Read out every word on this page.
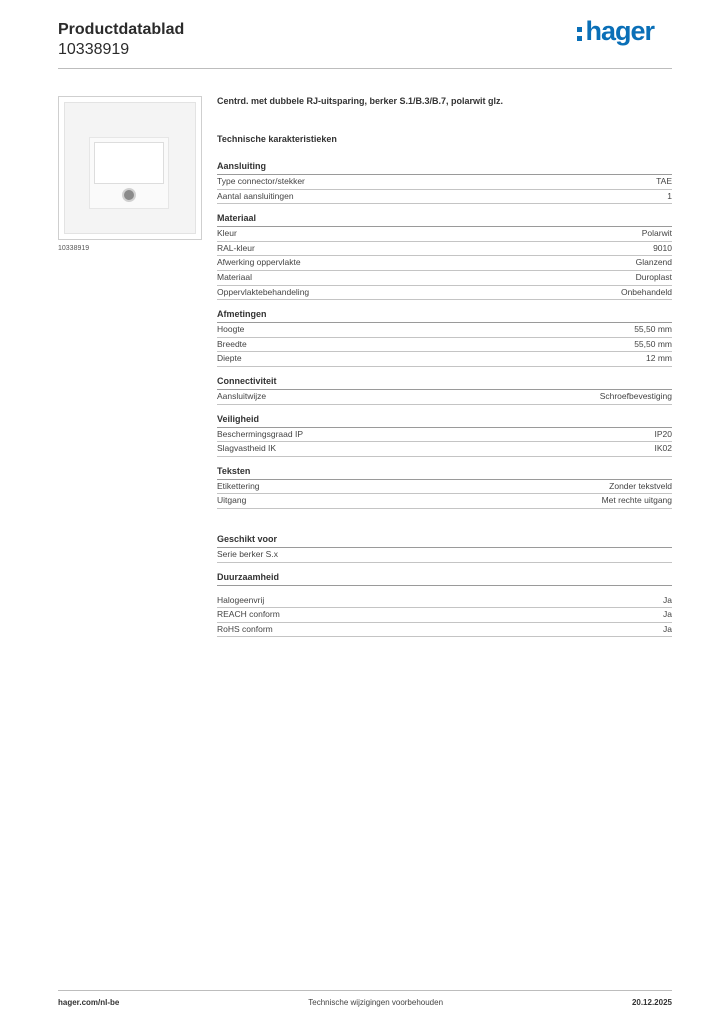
Productdatablad
10338919
hager
10338919
Centrd. met dubbele RJ-uitsparing, berker S.1/B.3/B.7, polarwit glz.
Technische karakteristieken
Aansluiting
Type connector/stekker	TAE
Aantal aansluitingen	1
Materiaal
Kleur	Polarwit
RAL-kleur	9010
Afwerking oppervlakte	Glanzend
Materiaal	Duroplast
Oppervlaktebehandeling	Onbehandeld
Afmetingen
Hoogte	55,50 mm
Breedte	55,50 mm
Diepte	12 mm
Connectiviteit
Aansluitwijze	Schroefbevestiging
Veiligheid
Beschermingsgraad IP	IP20
Slagvastheid IK	IK02
Teksten
Etikettering	Zonder tekstveld
Uitgang	Met rechte uitgang
Geschikt voor
Serie berker S.x
Duurzaamheid
Halogeenvrij	Ja
REACH conform	Ja
RoHS conform	Ja
hager.com/nl-be	Technische wijzigingen voorbehouden	20.12.2025
